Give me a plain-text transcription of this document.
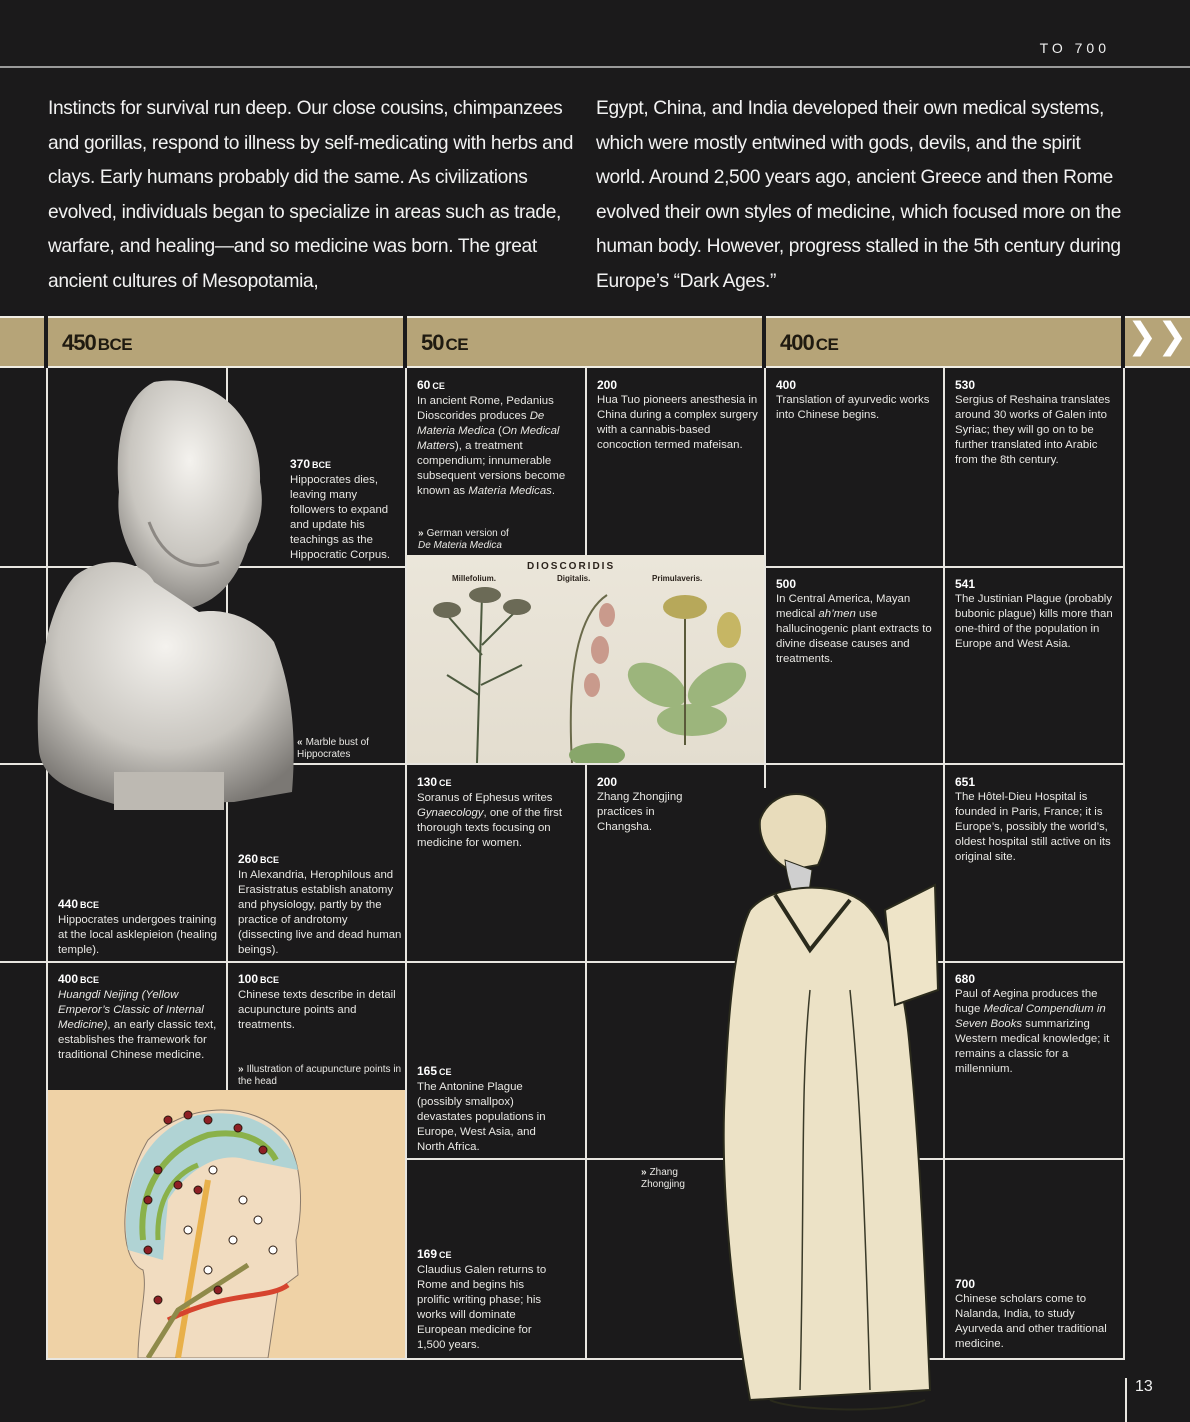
TO 700

Instincts for survival run deep. Our close cousins, chimpanzees and gorillas, respond to illness by self-medicating with herbs and clays. Early humans probably did the same. As civilizations evolved, individuals began to specialize in areas such as trade, warfare, and healing—and so medicine was born. The great ancient cultures of Mesopotamia,

Egypt, China, and India developed their own medical systems, which were mostly entwined with gods, devils, and the spirit world. Around 2,500 years ago, ancient Greece and then Rome evolved their own styles of medicine, which focused more on the human body. However, progress stalled in the 5th century during Europe’s “Dark Ages.”

450 BCE	50 CE	400 CE	❯❯
DIOSCORIDIS
Millefolium.	Digitalis.	Primulaveris.
370 BCE
Hippocrates dies, leaving many followers to expand and update his teachings as the Hippocratic Corpus.
« Marble bust of Hippocrates
440 BCE
Hippocrates undergoes training at the local asklepieion (healing temple).
260 BCE
In Alexandria, Herophilous and Erasistratus establish anatomy and physiology, partly by the practice of androtomy (dissecting live and dead human beings).
400 BCE
Huangdi Neijing (Yellow Emperor’s Classic of Internal Medicine), an early classic text, establishes the framework for traditional Chinese medicine.
100 BCE
Chinese texts describe in detail acupuncture points and treatments.
» Illustration of acupuncture points in the head
60 CE
In ancient Rome, Pedanius Dioscorides produces De Materia Medica (On Medical Matters), a treatment compendium; innumerable subsequent versions become known as Materia Medicas.
» German version of
De Materia Medica
200
Hua Tuo pioneers anesthesia in China during a complex surgery with a cannabis-based concoction termed mafeisan.
130 CE
Soranus of Ephesus writes Gynaecology, one of the first thorough texts focusing on medicine for women.
200
Zhang Zhongjing practices in Changsha.
165 CE
The Antonine Plague (possibly smallpox) devastates populations in Europe, West Asia, and North Africa.
» Zhang Zhongjing
169 CE
Claudius Galen returns to Rome and begins his prolific writing phase; his works will dominate European medicine for 1,500 years.
400
Translation of ayurvedic works into Chinese begins.
530
Sergius of Reshaina translates around 30 works of Galen into Syriac; they will go on to be further translated into Arabic from the 8th century.
500
In Central America, Mayan medical ah’men use hallucinogenic plant extracts to divine disease causes and treatments.
541
The Justinian Plague (probably bubonic plague) kills more than one-third of the population in Europe and West Asia.
651
The Hôtel-Dieu Hospital is founded in Paris, France; it is Europe’s, possibly the world’s, oldest hospital still active on its original site.
680
Paul of Aegina produces the huge Medical Compendium in Seven Books summarizing Western medical knowledge; it remains a classic for a millennium.
700
Chinese scholars come to Nalanda, India, to study Ayurveda and other traditional medicine.
13
